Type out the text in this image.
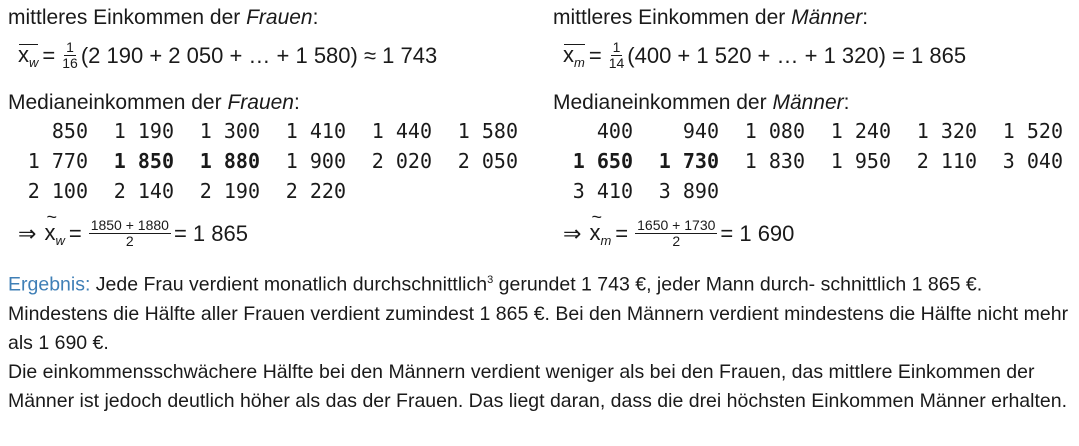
mittleres Einkommen der Frauen:
$x_w = \frac{1}{16} (2$ 190 + 2 050 + … + 1 580) ≈ 1 743
Medianeinkommen der Frauen:
850 1 190 1 300 1 410 1 440 1 580
1 770 1 850 1 880 1 900 2 020 2 050
2 100 2 140 2 190 2 220
⇒ ~ $x_w = \frac{1850 + 1880}{2} = 1$ 865
mittleres Einkommen der Männer:
$x_m = \frac{1}{14} (400 + 1$ 520 + … + 1 320) = 1 865
Medianeinkommen der Männer:
400 940 1 080 1 240 1 320 1 520
1 650 1 730 1 830 1 950 2 110 3 040
3 410 3 890
⇒ ~ $x_m = \frac{1650 + 1730}{2} = 1$ 690
Ergebnis: Jede Frau verdient monatlich durchschnittlich$^3$ gerundet 1 743 €, jeder Mann durch- schnittlich 1 865 €. Mindestens die Hälfte aller Frauen verdient zumindest 1 865 €. Bei den Männern verdient mindestens die Hälfte nicht mehr als 1 690 €.
Die einkommensschwächere Hälfte bei den Männern verdient weniger als bei den Frauen, das mittlere Einkommen der Männer ist jedoch deutlich höher als das der Frauen. Das liegt daran, dass die drei höchsten Einkommen Männer erhalten.
